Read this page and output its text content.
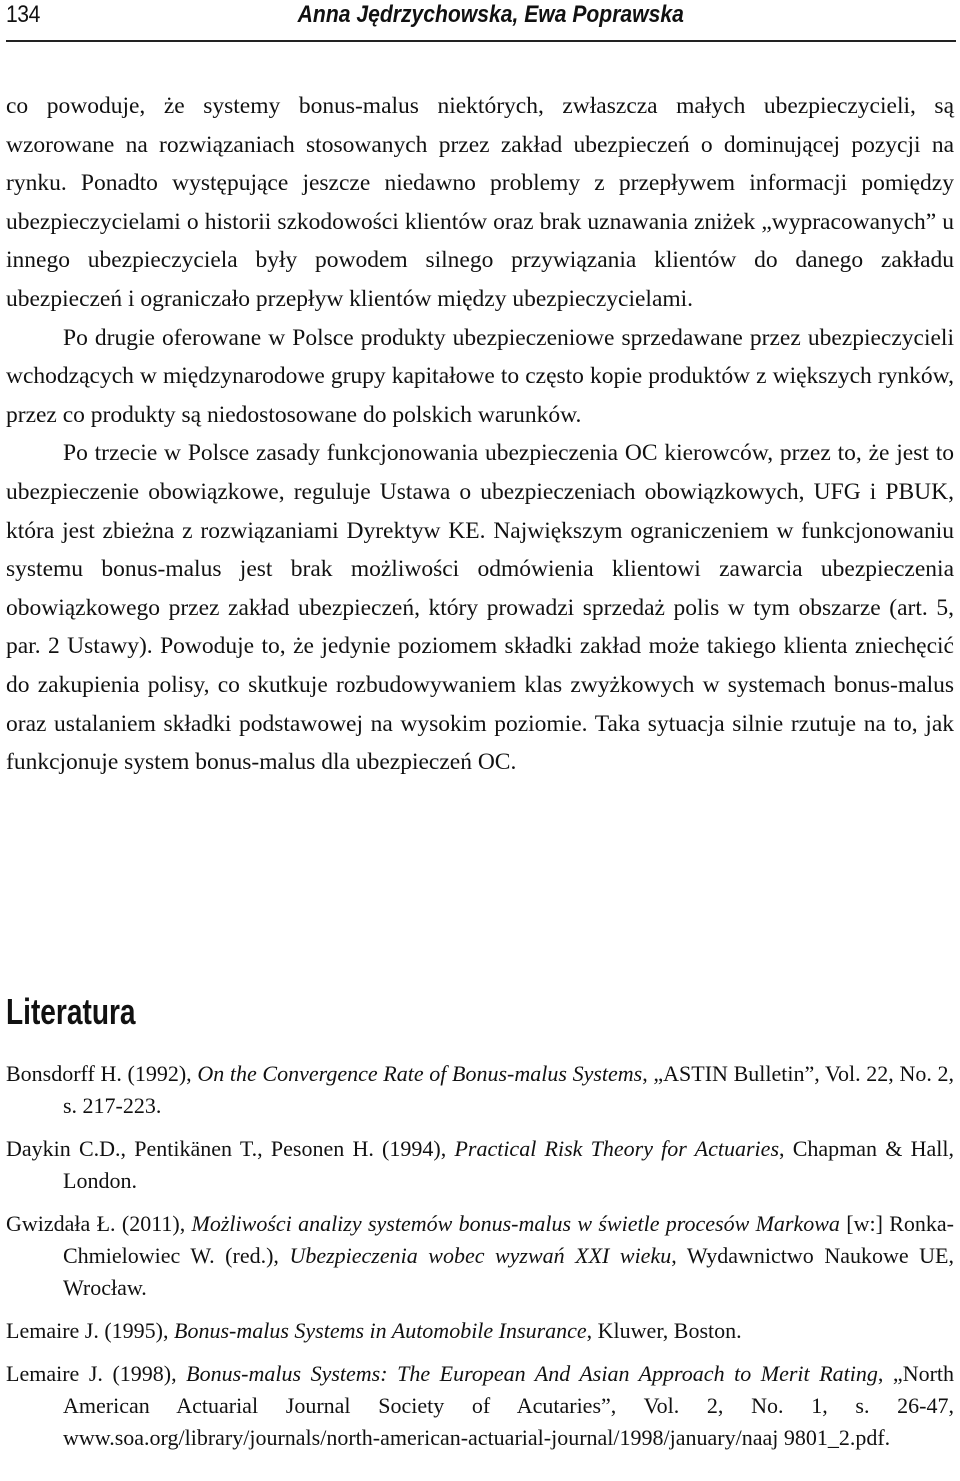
134	Anna Jędrzychowska, Ewa Poprawska

co powoduje, że systemy bonus-malus niektórych, zwłaszcza małych ubezpieczycieli, są wzorowane na rozwiązaniach stosowanych przez zakład ubezpieczeń o dominującej pozycji na rynku. Ponadto występujące jeszcze niedawno problemy z przepływem informacji pomiędzy ubezpieczycielami o historii szkodowości klientów oraz brak uznawania zniżek „wypracowanych” u innego ubezpieczyciela były powodem silnego przywiązania klientów do danego zakładu ubezpieczeń i ograniczało przepływ klientów między ubezpieczycielami.

Po drugie oferowane w Polsce produkty ubezpieczeniowe sprzedawane przez ubezpieczycieli wchodzących w międzynarodowe grupy kapitałowe to często kopie produktów z większych rynków, przez co produkty są niedostosowane do polskich warunków.

Po trzecie w Polsce zasady funkcjonowania ubezpieczenia OC kierowców, przez to, że jest to ubezpieczenie obowiązkowe, reguluje Ustawa o ubezpieczeniach obowiązkowych, UFG i PBUK, która jest zbieżna z rozwiązaniami Dyrektyw KE. Największym ograniczeniem w funkcjonowaniu systemu bonus-malus jest brak możliwości odmówienia klientowi zawarcia ubezpieczenia obowiązkowego przez zakład ubezpieczeń, który prowadzi sprzedaż polis w tym obszarze (art. 5, par. 2 Ustawy). Powoduje to, że jedynie poziomem składki zakład może takiego klienta zniechęcić do zakupienia polisy, co skutkuje rozbudowywaniem klas zwyżkowych w systemach bonus-malus oraz ustalaniem składki podstawowej na wysokim poziomie. Taka sytuacja silnie rzutuje na to, jak funkcjonuje system bonus-malus dla ubezpieczeń OC.

Literatura

Bonsdorff H. (1992), On the Convergence Rate of Bonus-malus Systems, „ASTIN Bulletin”, Vol. 22, No. 2, s. 217-223.

Daykin C.D., Pentikänen T., Pesonen H. (1994), Practical Risk Theory for Actuaries, Chapman & Hall, London.

Gwizdała Ł. (2011), Możliwości analizy systemów bonus-malus w świetle procesów Markowa [w:] Ronka-Chmielowiec W. (red.), Ubezpieczenia wobec wyzwań XXI wieku, Wydawnictwo Naukowe UE, Wrocław.

Lemaire J. (1995), Bonus-malus Systems in Automobile Insurance, Kluwer, Boston.

Lemaire J. (1998), Bonus-malus Systems: The European And Asian Approach to Merit Rating, „North American Actuarial Journal Society of Acutaries”, Vol. 2, No. 1, s. 26-47, www.soa.org/library/journals/north-american-actuarial-journal/1998/january/naaj 9801_2.pdf.
